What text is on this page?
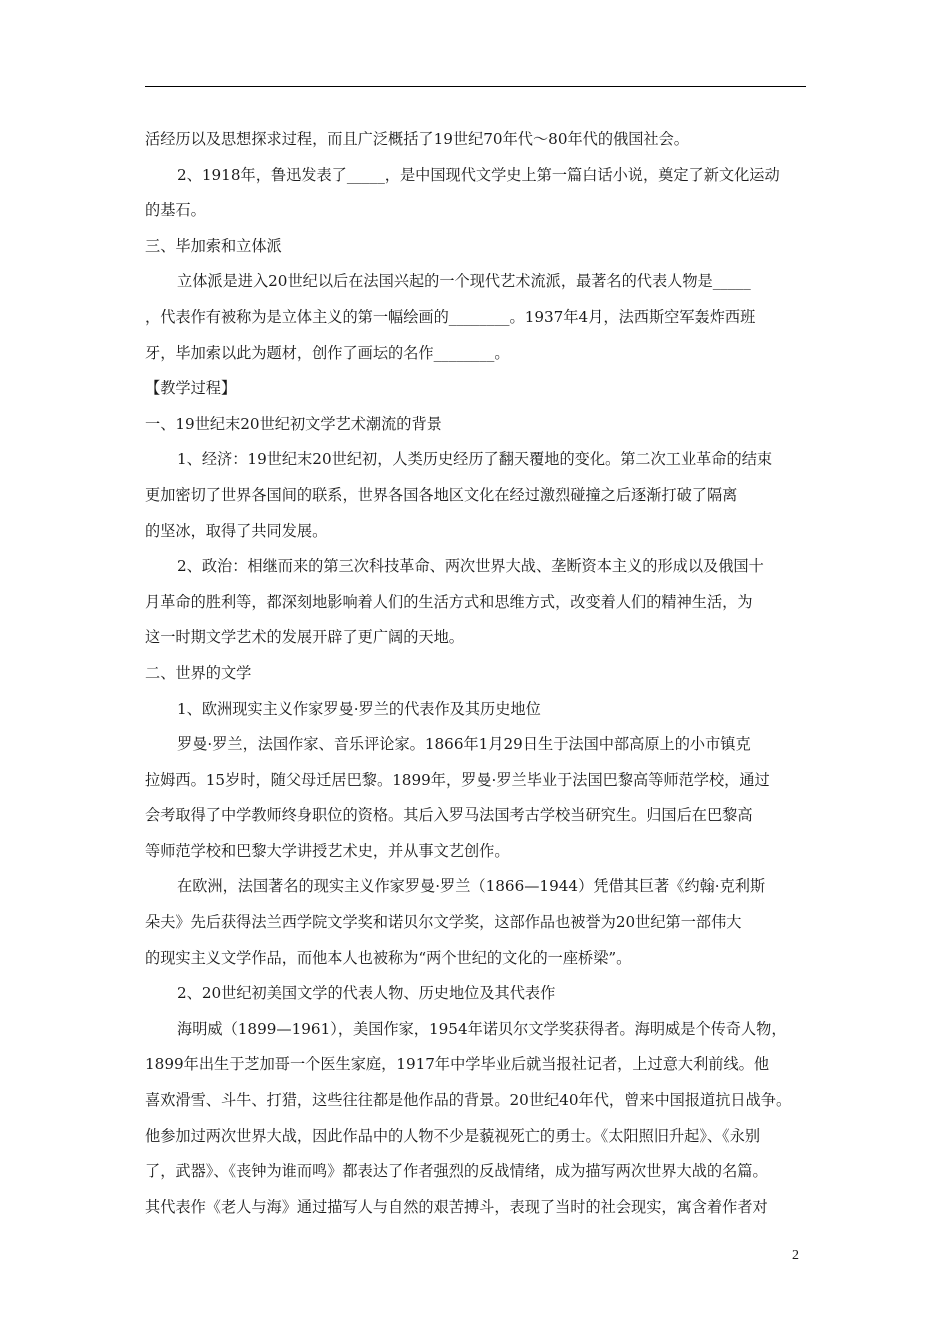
活经历以及思想探求过程，而且广泛概括了19世纪70年代～80年代的俄国社会。
2、1918年，鲁迅发表了_____，是中国现代文学史上第一篇白话小说，奠定了新文化运动
的基石。
三、毕加索和立体派
立体派是进入20世纪以后在法国兴起的一个现代艺术流派，最著名的代表人物是_____
，代表作有被称为是立体主义的第一幅绘画的________。1937年4月，法西斯空军轰炸西班
牙，毕加索以此为题材，创作了画坛的名作________。
【教学过程】
一、19世纪末20世纪初文学艺术潮流的背景
1、经济：19世纪末20世纪初，人类历史经历了翻天覆地的变化。第二次工业革命的结束
更加密切了世界各国间的联系，世界各国各地区文化在经过激烈碰撞之后逐渐打破了隔离
的坚冰，取得了共同发展。
2、政治：相继而来的第三次科技革命、两次世界大战、垄断资本主义的形成以及俄国十
月革命的胜利等，都深刻地影响着人们的生活方式和思维方式，改变着人们的精神生活，为
这一时期文学艺术的发展开辟了更广阔的天地。
二、世界的文学
1、欧洲现实主义作家罗曼·罗兰的代表作及其历史地位
罗曼·罗兰，法国作家、音乐评论家。1866年1月29日生于法国中部高原上的小市镇克
拉姆西。15岁时，随父母迁居巴黎。1899年，罗曼·罗兰毕业于法国巴黎高等师范学校，通过
会考取得了中学教师终身职位的资格。其后入罗马法国考古学校当研究生。归国后在巴黎高
等师范学校和巴黎大学讲授艺术史，并从事文艺创作。
在欧洲，法国著名的现实主义作家罗曼·罗兰（1866—1944）凭借其巨著《约翰·克利斯
朵夫》先后获得法兰西学院文学奖和诺贝尔文学奖，这部作品也被誉为20世纪第一部伟大
的现实主义文学作品，而他本人也被称为“两个世纪的文化的一座桥梁”。
2、20世纪初美国文学的代表人物、历史地位及其代表作
海明威（1899—1961），美国作家，1954年诺贝尔文学奖获得者。海明威是个传奇人物，
1899年出生于芝加哥一个医生家庭，1917年中学毕业后就当报社记者，上过意大利前线。他
喜欢滑雪、斗牛、打猎，这些往往都是他作品的背景。20世纪40年代，曾来中国报道抗日战争。
他参加过两次世界大战，因此作品中的人物不少是藐视死亡的勇士。《太阳照旧升起》、《永别
了，武器》、《丧钟为谁而鸣》都表达了作者强烈的反战情绪，成为描写两次世界大战的名篇。
其代表作《老人与海》通过描写人与自然的艰苦搏斗，表现了当时的社会现实，寓含着作者对
2
